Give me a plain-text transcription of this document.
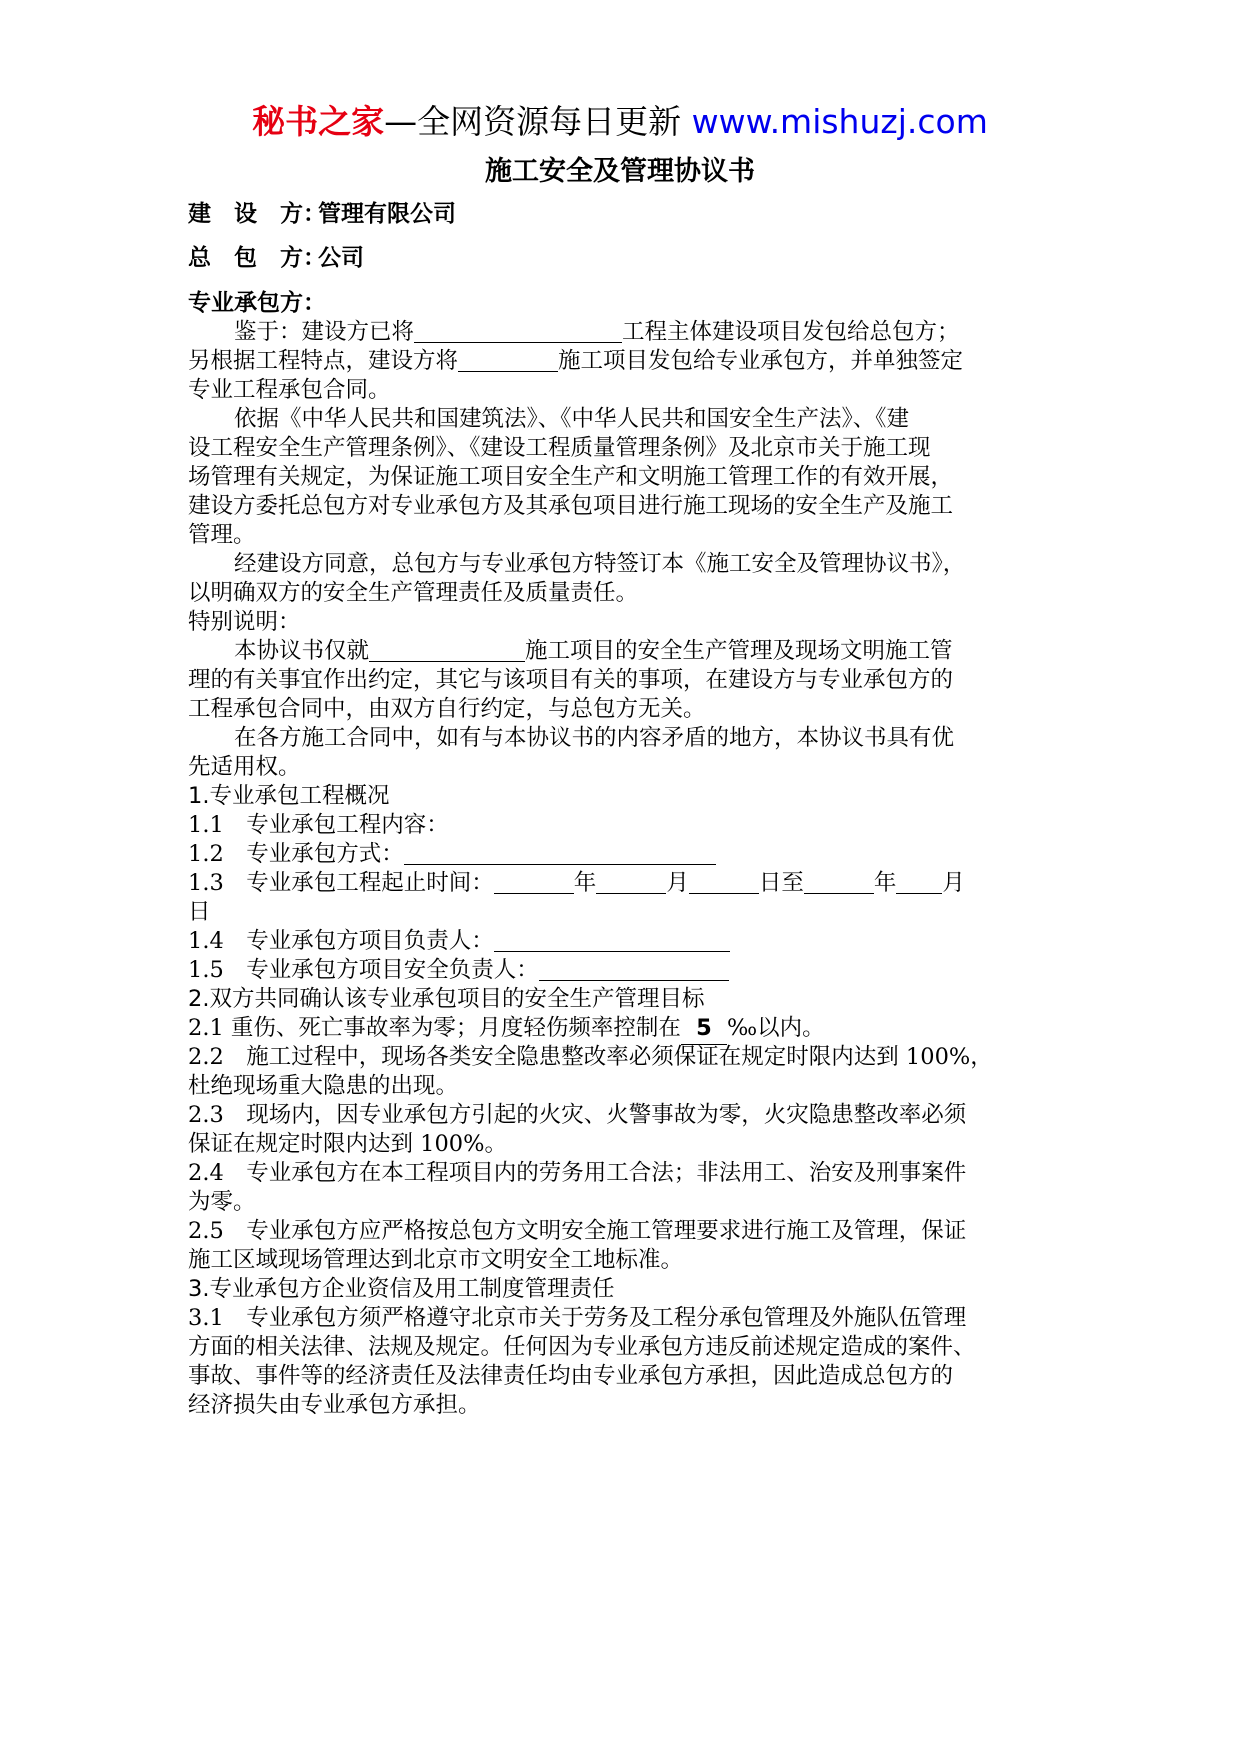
秘书之家—全网资源每日更新 www.mishuzj.com
施工安全及管理协议书
建　设　方：管理有限公司
总　包　方：公司
专业承包方：
鉴于：建设方已将	工程主体建设项目发包给总包方；
另根据工程特点，建设方将	施工项目发包给专业承包方，并单独签定
专业工程承包合同。
依据《中华人民共和国建筑法》、《中华人民共和国安全生产法》、《建
设工程安全生产管理条例》、《建设工程质量管理条例》及北京市关于施工现
场管理有关规定，为保证施工项目安全生产和文明施工管理工作的有效开展，
建设方委托总包方对专业承包方及其承包项目进行施工现场的安全生产及施工
管理。
经建设方同意，总包方与专业承包方特签订本《施工安全及管理协议书》，
以明确双方的安全生产管理责任及质量责任。
特别说明：
本协议书仅就	施工项目的安全生产管理及现场文明施工管
理的有关事宜作出约定，其它与该项目有关的事项，在建设方与专业承包方的
工程承包合同中，由双方自行约定，与总包方无关。
在各方施工合同中，如有与本协议书的内容矛盾的地方，本协议书具有优
先适用权。
1.专业承包工程概况
1.1　专业承包工程内容：
1.2　专业承包方式：
1.3　专业承包工程起止时间：	年	月	日至	年 月
日
1.4　专业承包方项目负责人：
1.5　专业承包方项目安全负责人：
2.双方共同确认该专业承包项目的安全生产管理目标
2.1 重伤、死亡事故率为零；月度轻伤频率控制在 5 ‰以内。
2.2　施工过程中，现场各类安全隐患整改率必须保证在规定时限内达到 100%，
杜绝现场重大隐患的出现。
2.3　现场内，因专业承包方引起的火灾、火警事故为零，火灾隐患整改率必须
保证在规定时限内达到 100%。
2.4　专业承包方在本工程项目内的劳务用工合法；非法用工、治安及刑事案件
为零。
2.5　专业承包方应严格按总包方文明安全施工管理要求进行施工及管理，保证
施工区域现场管理达到北京市文明安全工地标准。
3.专业承包方企业资信及用工制度管理责任
3.1　专业承包方须严格遵守北京市关于劳务及工程分承包管理及外施队伍管理
方面的相关法律、法规及规定。任何因为专业承包方违反前述规定造成的案件、
事故、事件等的经济责任及法律责任均由专业承包方承担，因此造成总包方的
经济损失由专业承包方承担。
